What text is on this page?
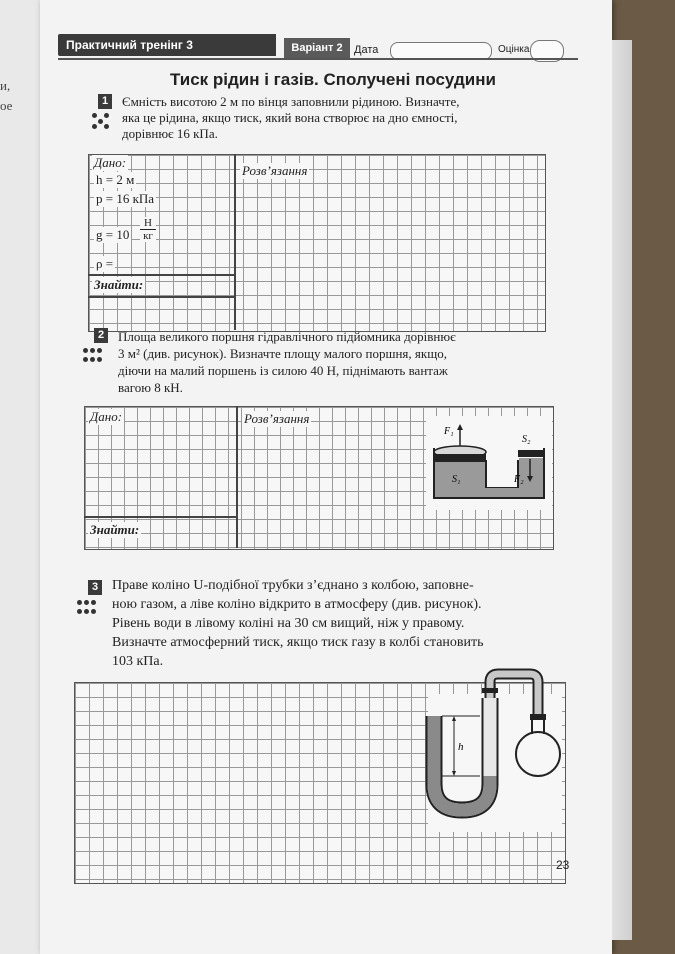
и,
ое
Практичний тренінг 3	Варіант 2	Дата	Оцінка
Тиск рідин і газів. Сполучені посудини
1	Ємність висотою 2 м по вінця заповнили рідиною. Визначте,
яка це рідина, якщо тиск, який вона створює на дно ємності,
дорівнює 16 кПа.
Дано:
Розв’язання
h = 2 м
p = 16 кПа
g = 10
Н
кг
ρ =
Знайти:
2	Площа великого поршня гідравлічного підйомника дорівнює
3 м² (див. рисунок). Визначте площу малого поршня, якщо,
діючи на малий поршень із силою 40 Н, піднімають вантаж
вагою 8 кН.
Дано:	Розв’язання
Знайти:
F₁
S₂
S₁	F₂
3 Праве коліно U-подібної трубки з’єднано з колбою, заповне-
ною газом, а ліве коліно відкрито в атмосферу (див. рисунок).
Рівень води в лівому коліні на 30 см вищий, ніж у правому.
Визначте атмосферний тиск, якщо тиск газу в колбі становить
103 кПа.
h
23
